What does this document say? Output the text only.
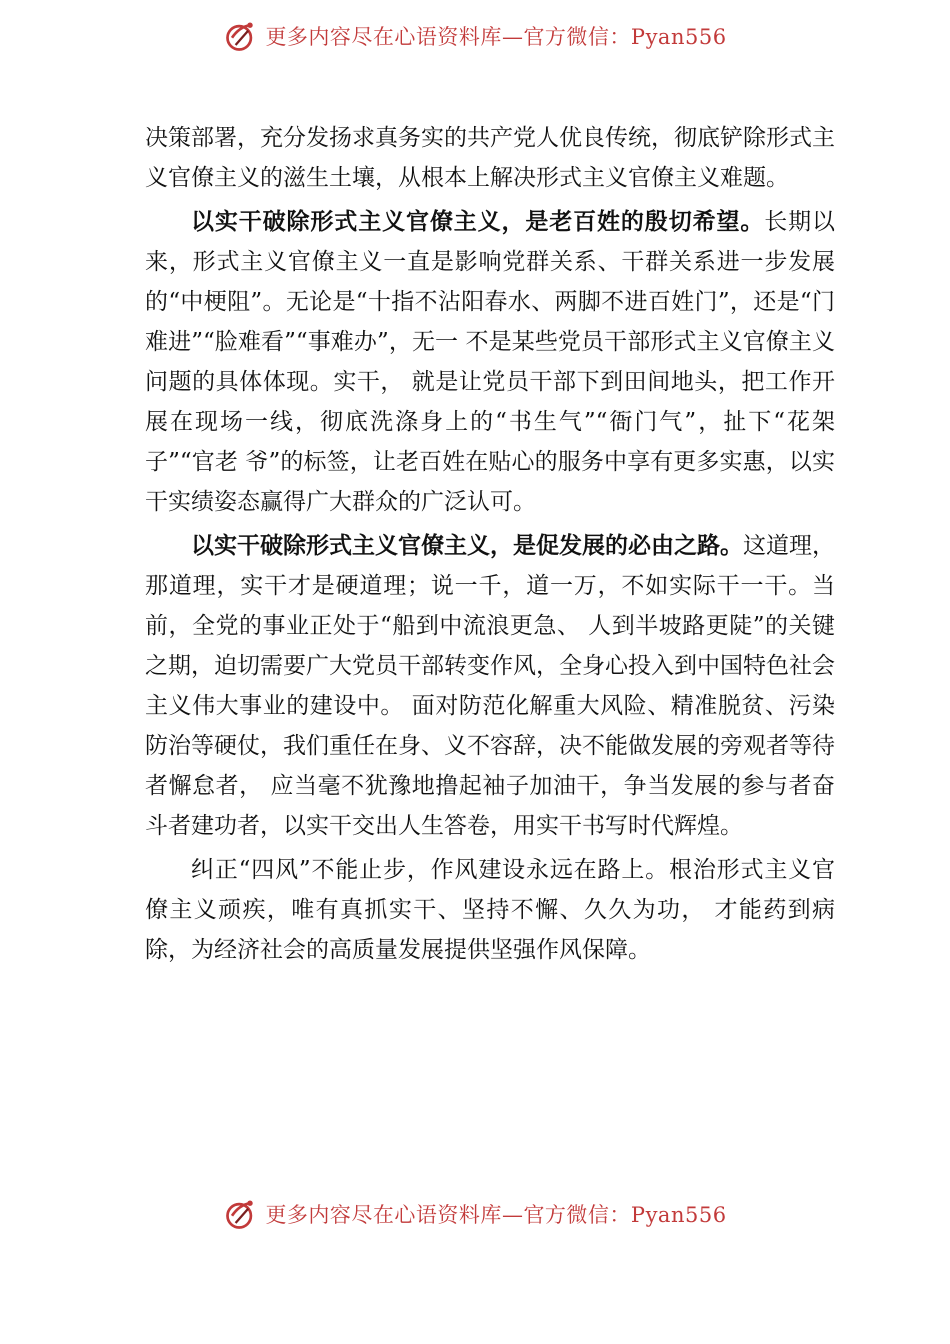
更多内容尽在心语资料库—官方微信：Pyan556

决策部署，充分发扬求真务实的共产党人优良传统，彻底铲除形式主义官僚主义的滋生土壤，从根本上解决形式主义官僚主义难题。

以实干破除形式主义官僚主义，是老百姓的殷切希望。长期以来，形式主义官僚主义一直是影响党群关系、干群关系进一步发展的“中梗阻”。无论是“十指不沾阳春水、两脚不进百姓门”，还是“门难进”“脸难看”“事难办”，无一 不是某些党员干部形式主义官僚主义问题的具体体现。实干， 就是让党员干部下到田间地头，把工作开展在现场一线，彻底洗涤身上的“书生气”“衙门气”，扯下“花架子”“官老 爷”的标签，让老百姓在贴心的服务中享有更多实惠，以实 干实绩姿态赢得广大群众的广泛认可。

以实干破除形式主义官僚主义，是促发展的必由之路。这道理，那道理，实干才是硬道理；说一千，道一万，不如实际干一干。当前，全党的事业正处于“船到中流浪更急、 人到半坡路更陡”的关键之期，迫切需要广大党员干部转变作风，全身心投入到中国特色社会主义伟大事业的建设中。 面对防范化解重大风险、精准脱贫、污染防治等硬仗，我们重任在身、义不容辞，决不能做发展的旁观者等待者懈怠者， 应当毫不犹豫地撸起袖子加油干，争当发展的参与者奋斗者建功者，以实干交出人生答卷，用实干书写时代辉煌。

纠正“四风”不能止步，作风建设永远在路上。根治形式主义官僚主义顽疾，唯有真抓实干、坚持不懈、久久为功， 才能药到病除，为经济社会的高质量发展提供坚强作风保障。

更多内容尽在心语资料库—官方微信：Pyan556
